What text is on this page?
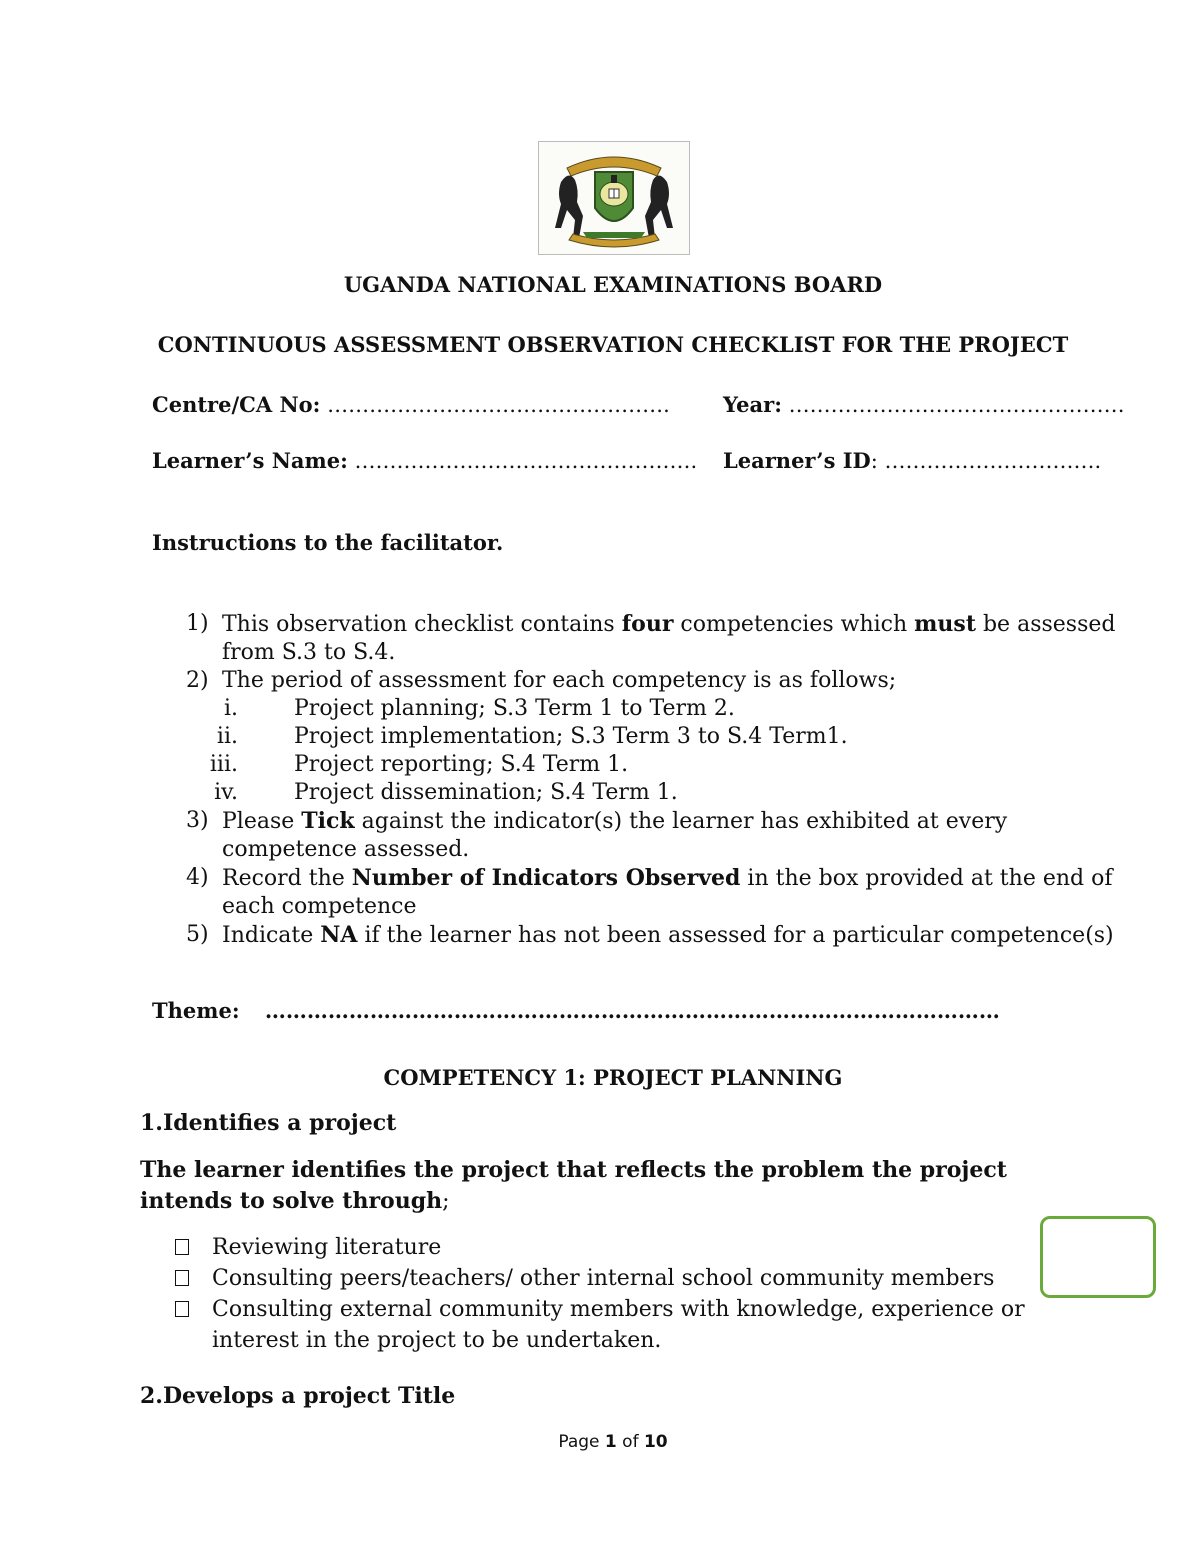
UGANDA NATIONAL EXAMINATIONS BOARD
CONTINUOUS ASSESSMENT OBSERVATION CHECKLIST FOR THE PROJECT
Centre/CA No: ………………………………………….	Year: …………………………………………
Learner’s Name: …………………………………………. Learner’s ID: ………………………….
Instructions to the facilitator.
1) This observation checklist contains four competencies which must be assessed from S.3 to S.4.
2) The period of assessment for each competency is as follows;
i.	Project planning; S.3 Term 1 to Term 2.
ii.	Project implementation; S.3 Term 3 to S.4 Term1.
iii.	Project reporting; S.4 Term 1.
iv.	Project dissemination; S.4 Term 1.
3) Please Tick against the indicator(s) the learner has exhibited at every competence assessed.
4) Record the Number of Indicators Observed in the box provided at the end of each competence
5) Indicate NA if the learner has not been assessed for a particular competence(s)
Theme: ……………………………………………………………………………………………
COMPETENCY 1: PROJECT PLANNING
1.Identifies a project
The learner identifies the project that reflects the problem the project intends to solve through;
Reviewing literature
Consulting peers/teachers/ other internal school community members
Consulting external community members with knowledge, experience or interest in the project to be undertaken.
2.Develops a project Title
Page 1 of 10
